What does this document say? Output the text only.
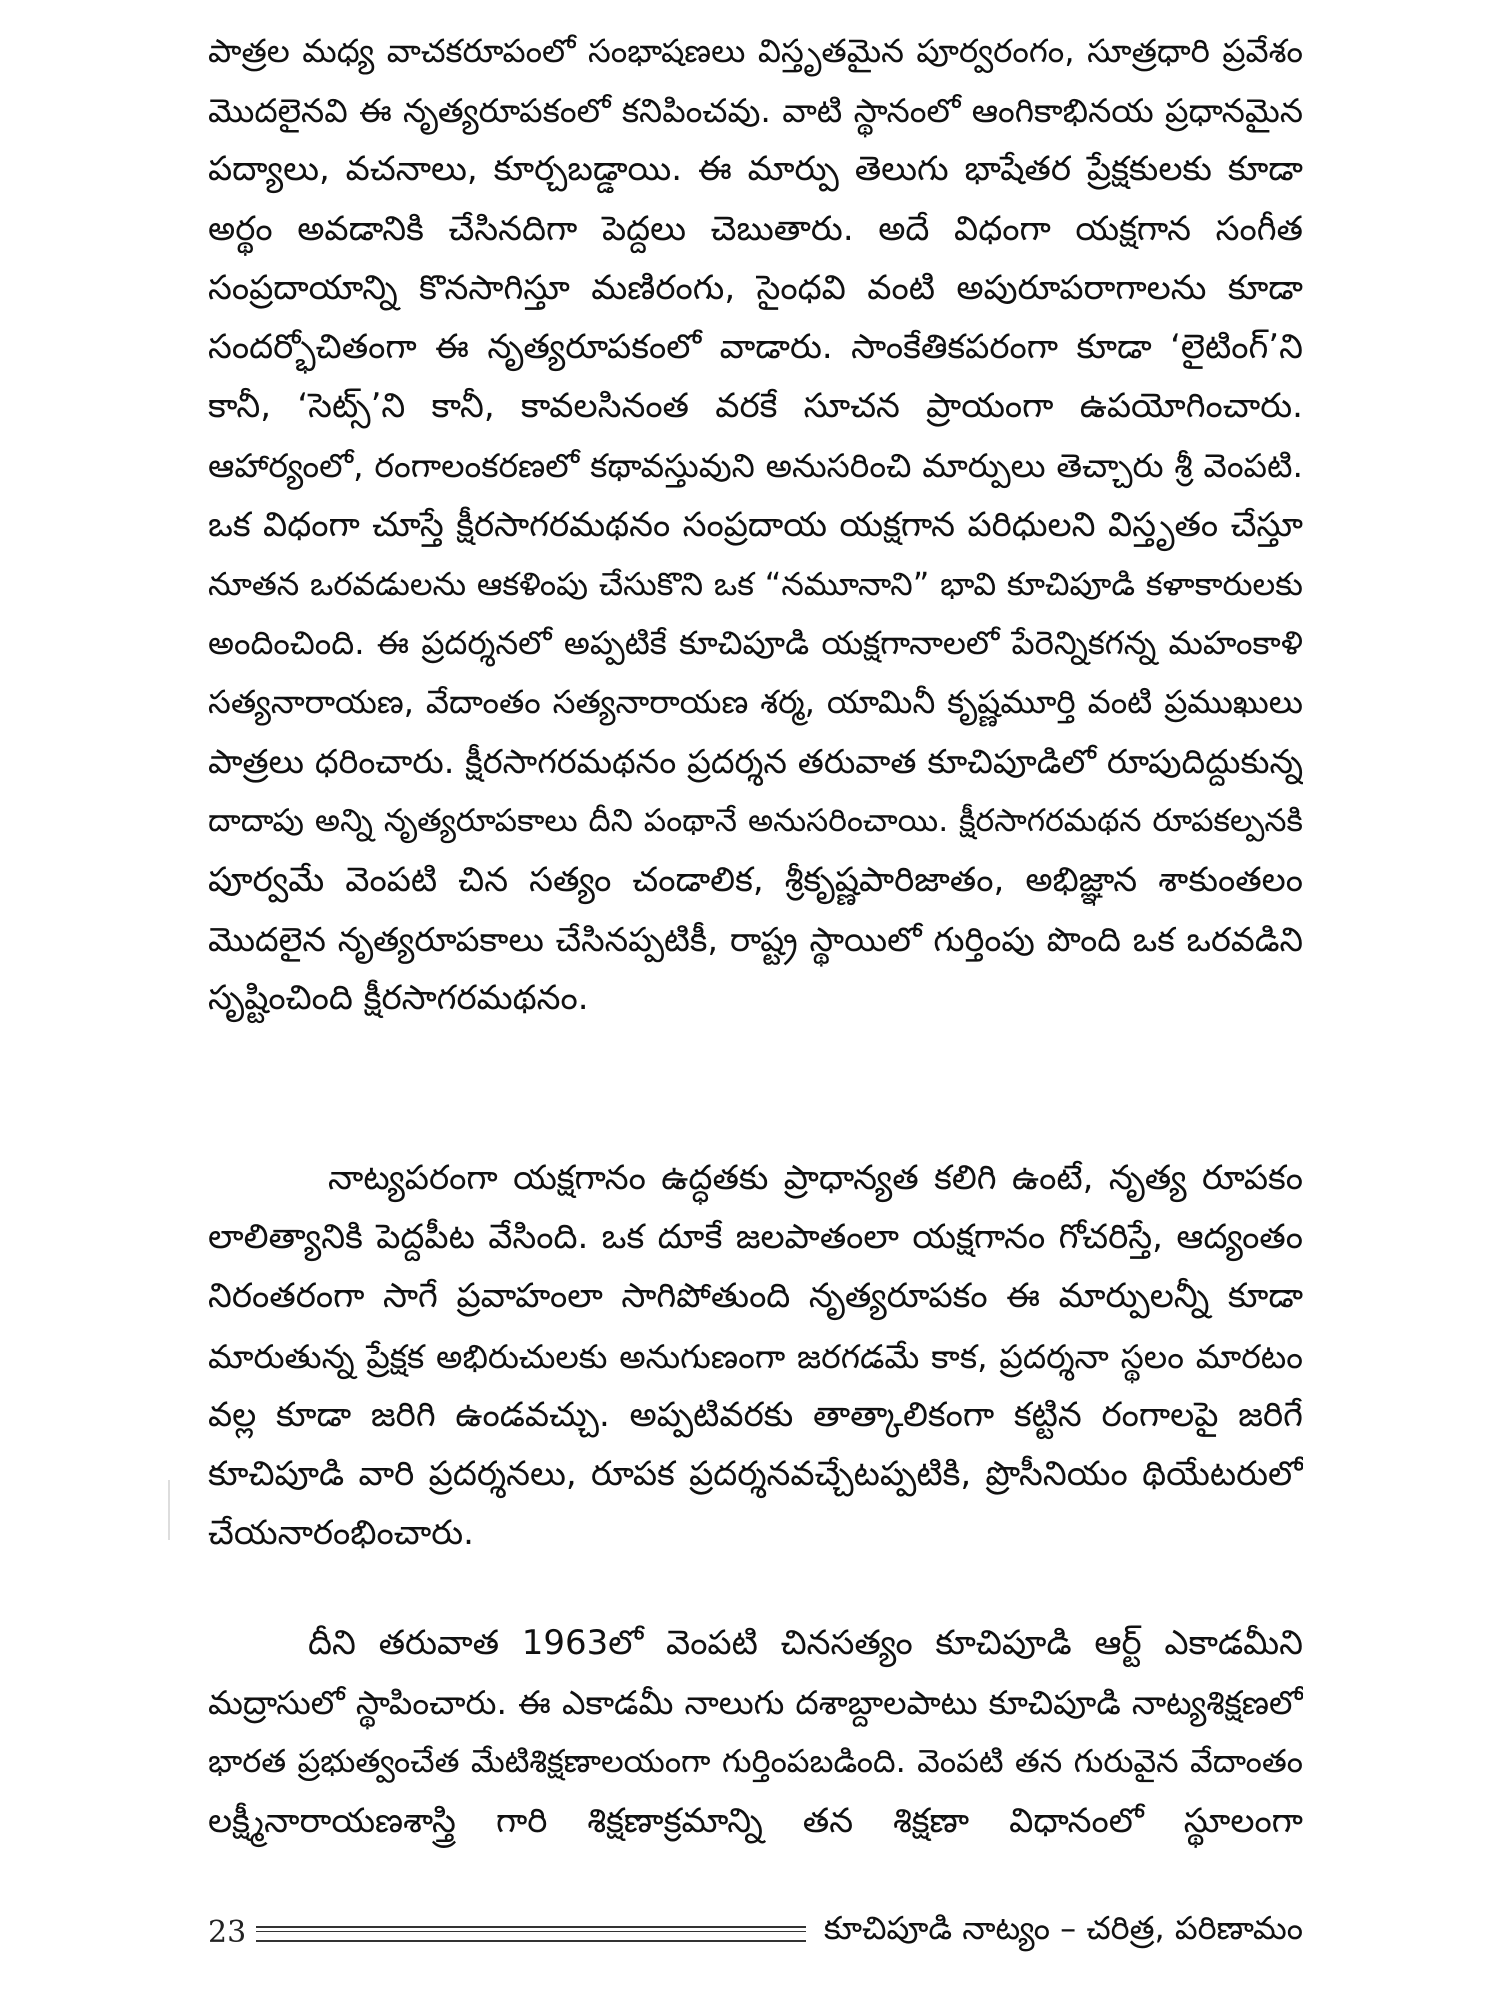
పాత్రల మధ్య వాచకరూపంలో సంభాషణలు విస్తృతమైన పూర్వరంగం, సూత్రధారి ప్రవేశం
మొదలైనవి ఈ నృత్యరూపకంలో కనిపించవు. వాటి స్థానంలో ఆంగికాభినయ ప్రధానమైన
పద్యాలు, వచనాలు, కూర్చబడ్డాయి. ఈ మార్పు తెలుగు భాషేతర ప్రేక్షకులకు కూడా
అర్థం అవడానికి చేసినదిగా పెద్దలు చెబుతారు. అదే విధంగా యక్షగాన సంగీత
సంప్రదాయాన్ని కొనసాగిస్తూ మణిరంగు, సైంధవి వంటి అపురూపరాగాలను కూడా
సందర్భోచితంగా ఈ నృత్యరూపకంలో వాడారు. సాంకేతికపరంగా కూడా ‘లైటింగ్’ని
కానీ, ‘సెట్స్’ని కానీ, కావలసినంత వరకే సూచన ప్రాయంగా ఉపయోగించారు.
ఆహార్యంలో, రంగాలంకరణలో కథావస్తువుని అనుసరించి మార్పులు తెచ్చారు శ్రీ వెంపటి.
ఒక విధంగా చూస్తే క్షీరసాగరమథనం సంప్రదాయ యక్షగాన పరిధులని విస్తృతం చేస్తూ
నూతన ఒరవడులను ఆకళింపు చేసుకొని ఒక “నమూనాని” భావి కూచిపూడి కళాకారులకు
అందించింది. ఈ ప్రదర్శనలో అప్పటికే కూచిపూడి యక్షగానాలలో పేరెన్నికగన్న మహంకాళి
సత్యనారాయణ, వేదాంతం సత్యనారాయణ శర్మ, యామినీ కృష్ణమూర్తి వంటి ప్రముఖులు
పాత్రలు ధరించారు. క్షీరసాగరమథనం ప్రదర్శన తరువాత కూచిపూడిలో రూపుదిద్దుకున్న
దాదాపు అన్ని నృత్యరూపకాలు దీని పంథానే అనుసరించాయి. క్షీరసాగరమథన రూపకల్పనకి
పూర్వమే వెంపటి చిన సత్యం చండాలిక, శ్రీకృష్ణపారిజాతం, అభిజ్ఞాన శాకుంతలం
మొదలైన నృత్యరూపకాలు చేసినప్పటికీ, రాష్ట్ర స్థాయిలో గుర్తింపు పొంది ఒక ఒరవడిని
సృష్టించింది క్షీరసాగరమథనం.
నాట్యపరంగా యక్షగానం ఉద్ధతకు ప్రాధాన్యత కలిగి ఉంటే, నృత్య రూపకం
లాలిత్యానికి పెద్దపీట వేసింది. ఒక దూకే జలపాతంలా యక్షగానం గోచరిస్తే, ఆద్యంతం
నిరంతరంగా సాగే ప్రవాహంలా సాగిపోతుంది నృత్యరూపకం ఈ మార్పులన్నీ కూడా
మారుతున్న ప్రేక్షక అభిరుచులకు అనుగుణంగా జరగడమే కాక, ప్రదర్శనా స్థలం మారటం
వల్ల కూడా జరిగి ఉండవచ్చు. అప్పటివరకు తాత్కాలికంగా కట్టిన రంగాలపై జరిగే
కూచిపూడి వారి ప్రదర్శనలు, రూపక ప్రదర్శనవచ్చేటప్పటికి, ప్రొసీనియం థియేటరులో
చేయనారంభించారు.
దీని తరువాత 1963లో వెంపటి చినసత్యం కూచిపూడి ఆర్ట్ ఎకాడమీని
మద్రాసులో స్థాపించారు. ఈ ఎకాడమీ నాలుగు దశాబ్దాలపాటు కూచిపూడి నాట్యశిక్షణలో
భారత ప్రభుత్వంచేత మేటిశిక్షణాలయంగా గుర్తింపబడింది. వెంపటి తన గురువైన వేదాంతం
లక్ష్మీనారాయణశాస్త్రి గారి శిక్షణాక్రమాన్ని తన శిక్షణా విధానంలో స్థూలంగా
23	కూచిపూడి నాట్యం – చరిత్ర, పరిణామం
